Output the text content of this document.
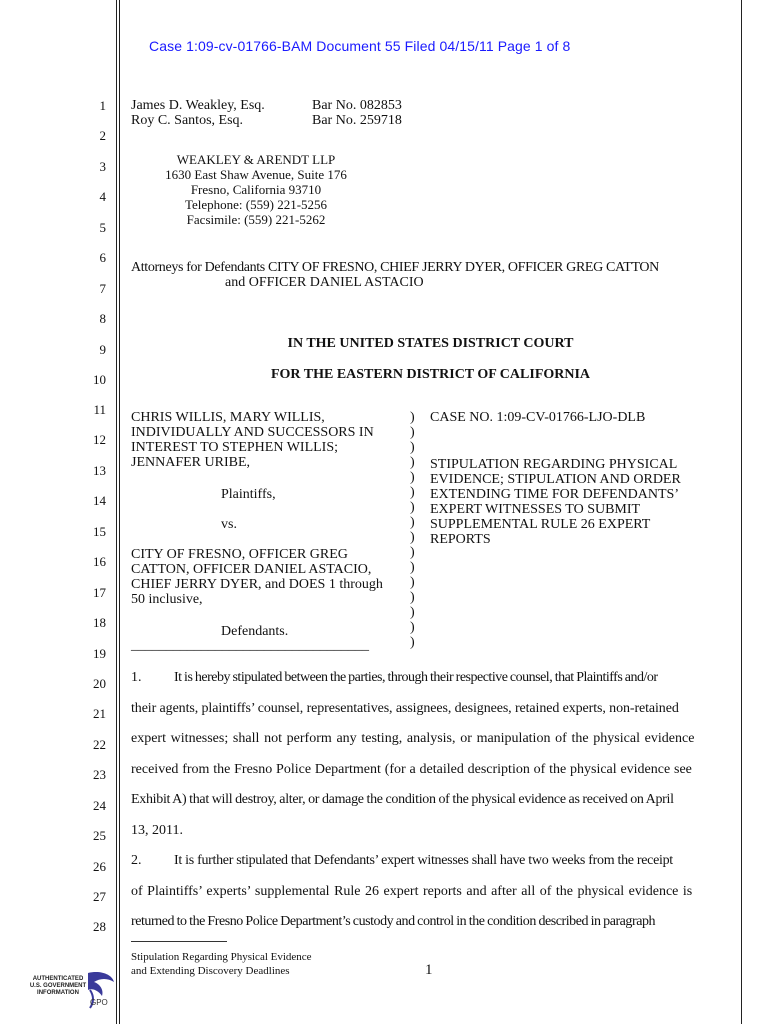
Case 1:09-cv-01766-BAM Document 55 Filed 04/15/11 Page 1 of 8
1
2
3
4
5
6
7
8
9
10
11
12
13
14
15
16
17
18
19
20
21
22
23
24
25
26
27
28
James D. Weakley, Esq.
Roy C. Santos, Esq.
Bar No. 082853
Bar No. 259718
WEAKLEY & ARENDT LLP
1630 East Shaw Avenue, Suite 176
Fresno, California 93710
Telephone: (559) 221-5256
Facsimile: (559) 221-5262
Attorneys for Defendants CITY OF FRESNO, CHIEF JERRY DYER, OFFICER GREG CATTON
and OFFICER DANIEL ASTACIO
IN THE UNITED STATES DISTRICT COURT
FOR THE EASTERN DISTRICT OF CALIFORNIA
CHRIS WILLIS, MARY WILLIS,
INDIVIDUALLY AND SUCCESSORS IN
INTEREST TO STEPHEN WILLIS;
JENNAFER URIBE,
Plaintiffs,
vs.
CITY OF FRESNO, OFFICER GREG
CATTON, OFFICER DANIEL ASTACIO,
CHIEF JERRY DYER, and DOES 1 through
50 inclusive,
Defendants.
__________________________________
)
)
)
)
)
)
)
)
)
)
)
)
)
)
)
)
CASE NO. 1:09-CV-01766-LJO-DLB
STIPULATION REGARDING PHYSICAL
EVIDENCE; STIPULATION AND ORDER
EXTENDING TIME FOR DEFENDANTS’
EXPERT WITNESSES TO SUBMIT
SUPPLEMENTAL RULE 26 EXPERT
REPORTS
1. It is hereby stipulated between the parties, through their respective counsel, that Plaintiffs and/or
their agents, plaintiffs’ counsel, representatives, assignees, designees, retained experts, non-retained
expert witnesses; shall not perform any testing, analysis, or manipulation of the physical evidence
received from the Fresno Police Department (for a detailed description of the physical evidence see
Exhibit A) that will destroy, alter, or damage the condition of the physical evidence as received on April
13, 2011.
2. It is further stipulated that Defendants’ expert witnesses shall have two weeks from the receipt
of Plaintiffs’ experts’ supplemental Rule 26 expert reports and after all of the physical evidence is
returned to the Fresno Police Department’s custody and control in the condition described in paragraph
Stipulation Regarding Physical Evidence
and Extending Discovery Deadlines	1
AUTHENTICATED
U.S. GOVERNMENT
INFORMATION
GPO
